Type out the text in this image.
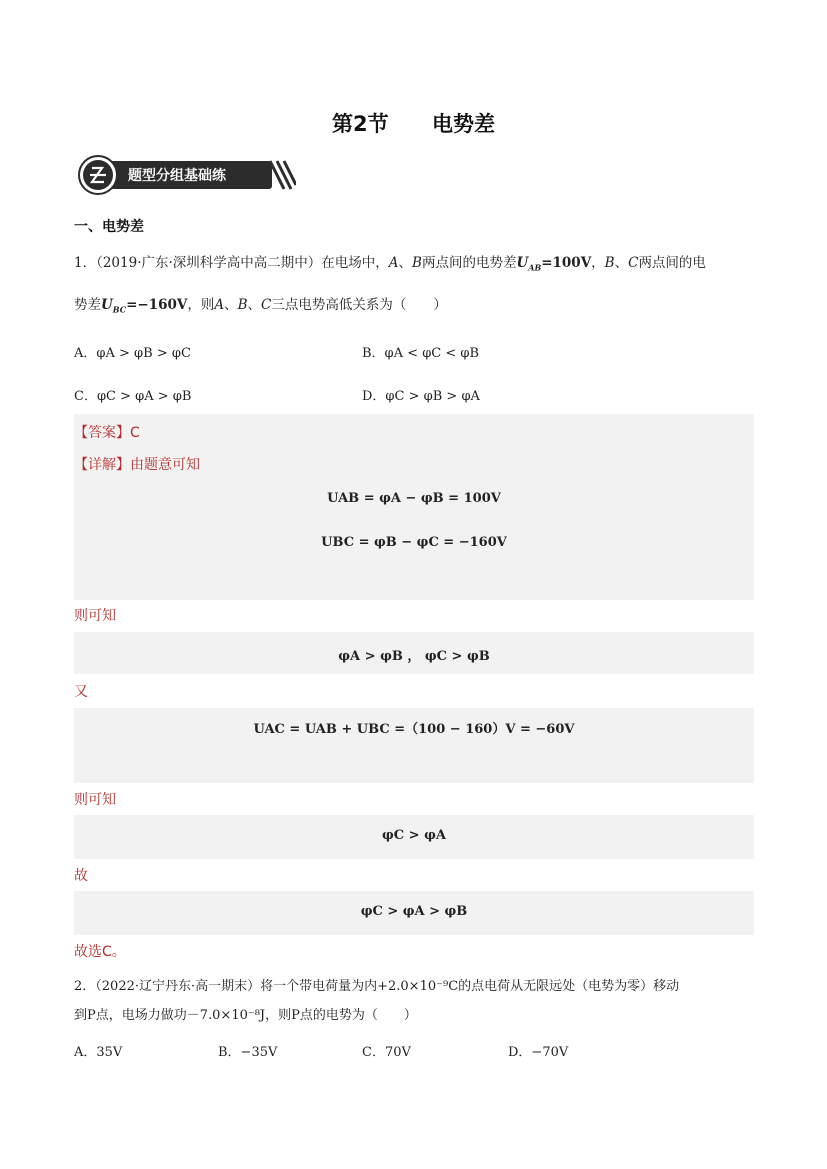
第2节 电势差
题型分组基础练
一、电势差
1．（2019·广东·深圳科学高中高二期中）在电场中，A、B两点间的电势差$U_{AB}=100V$，B、C两点间的电
势差$U_{BC}=-160V$，则A、B、C三点电势高低关系为（　　）
A．φA > φB > φC	B．φA < φC < φB
C．φC > φA > φB	D．φC > φB > φA
【答案】C
【详解】由题意可知
UAB = φA − φB = 100V
UBC = φB − φC = −160V
则可知
φA > φB ， φC > φB
又
UAC = UAB + UBC =（100 − 160）V = −60V
则可知
φC > φA
故
φC > φA > φB
故选C。
2．（2022·辽宁丹东·高一期末）将一个带电荷量为内+2.0×10⁻⁹C的点电荷从无限远处（电势为零）移动
到P点，电场力做功－7.0×10⁻⁸J，则P点的电势为（　　）
A．35V	B．−35V	C．70V	D．−70V
